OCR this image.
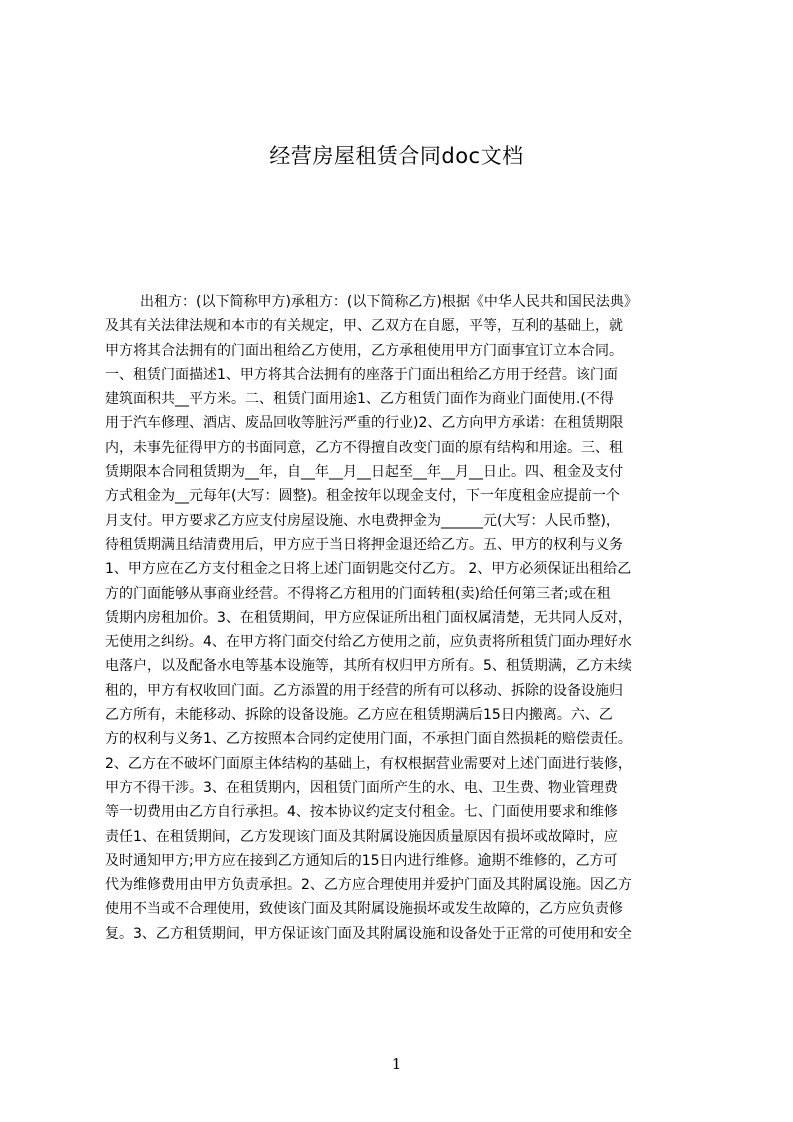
经营房屋租赁合同doc文档
出租方：(以下简称甲方)承租方：(以下简称乙方)根据《中华人民共和国民法典》
及其有关法律法规和本市的有关规定，甲、乙双方在自愿，平等，互利的基础上，就
甲方将其合法拥有的门面出租给乙方使用，乙方承租使用甲方门面事宜订立本合同。
一、租赁门面描述1、甲方将其合法拥有的座落于门面出租给乙方用于经营。该门面
建筑面积共__平方米。二、租赁门面用途1、乙方租赁门面作为商业门面使用.(不得
用于汽车修理、酒店、废品回收等脏污严重的行业)2、乙方向甲方承诺：在租赁期限
内，未事先征得甲方的书面同意，乙方不得擅自改变门面的原有结构和用途。三、租
赁期限本合同租赁期为__年，自__年__月__日起至__年__月__日止。四、租金及支付
方式租金为__元每年(大写：圆整)。租金按年以现金支付，下一年度租金应提前一个
月支付。甲方要求乙方应支付房屋设施、水电费押金为______元(大写：人民币整)，
待租赁期满且结清费用后，甲方应于当日将押金退还给乙方。五、甲方的权利与义务
1、甲方应在乙方支付租金之日将上述门面钥匙交付乙方。 2、甲方必须保证出租给乙
方的门面能够从事商业经营。不得将乙方租用的门面转租(卖)给任何第三者;或在租
赁期内房租加价。3、在租赁期间，甲方应保证所出租门面权属清楚，无共同人反对，
无使用之纠纷。4、在甲方将门面交付给乙方使用之前，应负责将所租赁门面办理好水
电落户，以及配备水电等基本设施等，其所有权归甲方所有。5、租赁期满，乙方未续
租的，甲方有权收回门面。乙方添置的用于经营的所有可以移动、拆除的设备设施归
乙方所有，未能移动、拆除的设备设施。乙方应在租赁期满后15日内搬离。六、乙
方的权利与义务1、乙方按照本合同约定使用门面，不承担门面自然损耗的赔偿责任。
2、乙方在不破坏门面原主体结构的基础上，有权根据营业需要对上述门面进行装修，
甲方不得干涉。3、在租赁期内，因租赁门面所产生的水、电、卫生费、物业管理费
等一切费用由乙方自行承担。4、按本协议约定支付租金。七、门面使用要求和维修
责任1、在租赁期间，乙方发现该门面及其附属设施因质量原因有损坏或故障时，应
及时通知甲方;甲方应在接到乙方通知后的15日内进行维修。逾期不维修的，乙方可
代为维修费用由甲方负责承担。2、乙方应合理使用并爱护门面及其附属设施。因乙方
使用不当或不合理使用，致使该门面及其附属设施损坏或发生故障的，乙方应负责修
复。3、乙方租赁期间，甲方保证该门面及其附属设施和设备处于正常的可使用和安全
1
